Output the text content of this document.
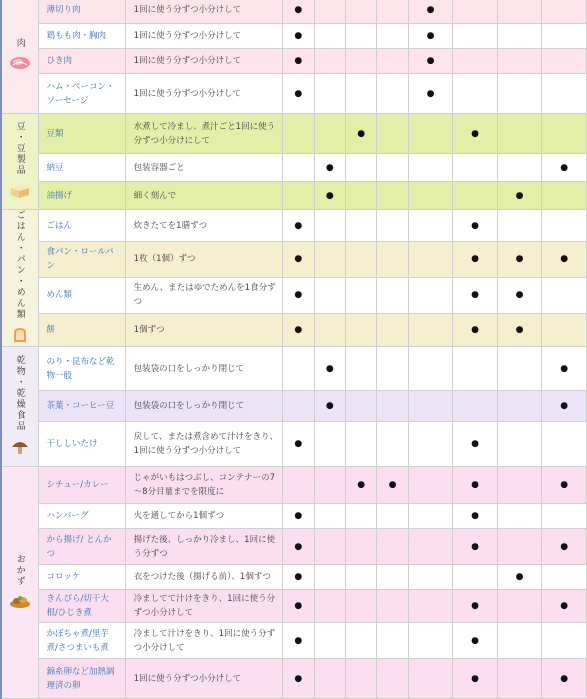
肉	薄切り肉	1回に使う分ずつ小分けして	●				●			
	鶏もも肉・胸肉	1回に使う分ずつ小分けして	●				●			
	ひき肉	1回に使う分ずつ小分けして	●				●			
	ハム・ベーコン・ソーセージ	1回に使う分ずつ小分けして	●				●			
豆・豆製品	豆類	水煮して冷まし、煮汁ごと1回に使う分ずつ小分けにして			●			●		
	納豆	包装容器ごと		●						●
	油揚げ	細く刻んで		●					●	
ごはん・パン・めん類	ごはん	炊きたてを1膳ずつ	●					●		
	食パン・ロールパン	1枚（1個）ずつ	●					●	●	●
	めん類	生めん、またはゆでためんを1食分ずつ	●					●	●	
	餅	1個ずつ	●					●	●	
乾物・乾燥食品	のり・昆布など乾物一般	包装袋の口をしっかり閉じて		●						●
	茶葉・コーヒー豆	包装袋の口をしっかり閉じて		●						●
	干ししいたけ	戻して、または煮含めて汁けをきり、1回に使う分ずつ小分けして	●					●		
おかず	シチュー/カレー	じゃがいもはつぶし、コンテナーの7～8分目量までを限度に			●	●		●		●
	ハンバーグ	火を通してから1個ずつ	●					●		
	から揚げ/ とんかつ	揚げた後、しっかり冷まし、1回に使う分ずつ	●					●		●
	コロッケ	衣をつけた後（揚げる前）、1個ずつ	●						●	
	きんぴら/切干大根/ひじき煮	冷ましてて汁けをきり、1回に使う分ずつ小分けして	●					●		●
	かぼちゃ煮/里芋煮/さつまいも煮	冷まして汁けをきり、1回に使う分ずつ小分けして	●					●		
	錦糸卵など加熱調理済の卵	1回に使う分ずつ小分けして	●					●		●
